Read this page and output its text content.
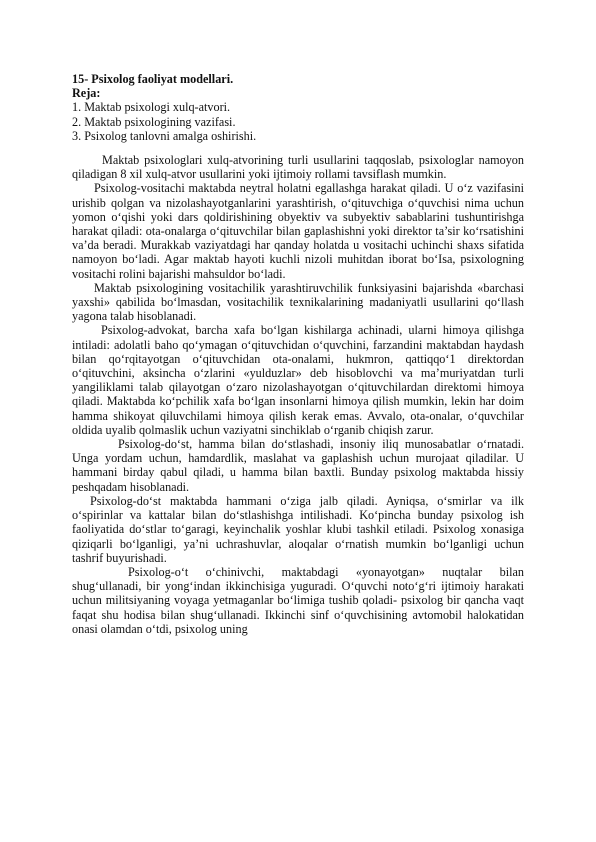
15- Psixolog faoliyat modellari.

Reja:

1. Maktab psixologi xulq-atvori.

2. Maktab psixologining vazifasi.

3. Psixolog tanlovni amalga oshirishi.

Maktab psixologlari xulq-atvorining turli usullarini taqqoslab, psixologlar namoyon qiladigan 8 xil xulq-atvor usullarini yoki ijtimoiy rollami tavsiflash mumkin.

Psixolog-vositachi maktabda neytral holatni egallashga harakat qiladi. U o‘z vazifasini urishib qolgan va nizolashayotganlarini yarashtirish, o‘qituvchiga o‘quvchisi nima uchun yomon o‘qishi yoki dars qoldirishining obyektiv va subyektiv sabablarini tushuntirishga harakat qiladi: ota-onalarga o‘qituvchilar bilan gaplashishni yoki direktor ta’sir ko‘rsatishini va’da beradi. Murakkab vaziyatdagi har qanday holatda u vositachi uchinchi shaxs sifatida namoyon bo‘ladi. Agar maktab hayoti kuchli nizoli muhitdan iborat bo‘Isa, psixologning vositachi rolini bajarishi mahsuldor bo‘ladi.

Maktab psixologining vositachilik yarashtiruvchilik funksiyasini bajarishda «barchasi yaxshi» qabilida bo‘lmasdan, vositachilik texnikalarining madaniyatli usullarini qo‘llash yagona talab hisoblanadi.

Psixolog-advokat, barcha xafa bo‘lgan kishilarga achinadi, ularni himoya qilishga intiladi: adolatli baho qo‘ymagan o‘qituvchidan o‘quvchini, farzandini maktabdan haydash bilan qo‘rqitayotgan o‘qituvchidan ota-onalami, hukmron, qattiqqo‘1 direktordan o‘qituvchini, aksincha o‘zlarini «yulduzlar» deb hisoblovchi va ma’muriyatdan turli yangiliklami talab qilayotgan o‘zaro nizolashayotgan o‘qituvchilardan direktomi himoya qiladi. Maktabda ko‘pchilik xafa bo‘lgan insonlarni himoya qilish mumkin, lekin har doim hamma shikoyat qiluvchilami himoya qilish kerak emas. Avvalo, ota-onalar, o‘quvchilar oldida uyalib qolmaslik uchun vaziyatni sinchiklab o‘rganib chiqish zarur.

Psixolog-do‘st, hamma bilan do‘stlashadi, insoniy iliq munosabatlar o‘rnatadi. Unga yordam uchun, hamdardlik, maslahat va gaplashish uchun murojaat qiladilar. U hammani birday qabul qiladi, u hamma bilan baxtli. Bunday psixolog maktabda hissiy peshqadam hisoblanadi.

Psixolog-do‘st maktabda hammani o‘ziga jalb qiladi. Ayniqsa, o‘smirlar va ilk o‘spirinlar va kattalar bilan do‘stlashishga intilishadi. Ko‘pincha bunday psixolog ish faoliyatida do‘stlar to‘garagi, keyinchalik yoshlar klubi tashkil etiladi. Psixolog xonasiga qiziqarli bo‘lganligi, ya’ni uchrashuvlar, aloqalar o‘rnatish mumkin bo‘lganligi uchun tashrif buyurishadi.

Psixolog-o‘t o‘chinivchi, maktabdagi «yonayotgan» nuqtalar bilan shug‘ullanadi, bir yong‘indan ikkinchisiga yuguradi. O‘quvchi noto‘g‘ri ijtimoiy harakati uchun militsiyaning voyaga yetmaganlar bo‘limiga tushib qoladi- psixolog bir qancha vaqt faqat shu hodisa bilan shug‘ullanadi. Ikkinchi sinf o‘quvchisining avtomobil halokatidan onasi olamdan o‘tdi, psixolog uning
